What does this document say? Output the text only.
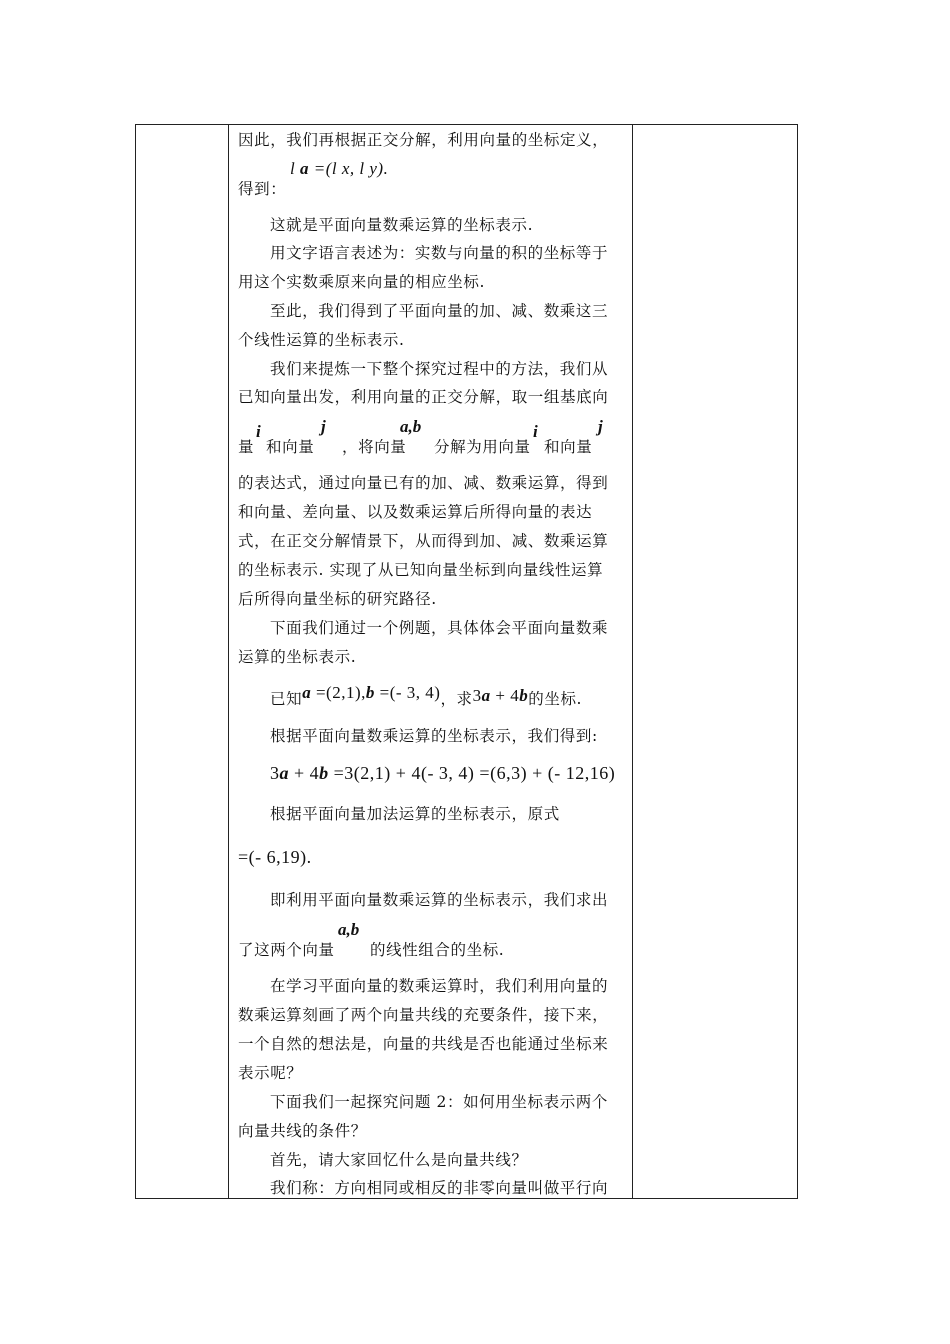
因此，我们再根据正交分解，利用向量的坐标定义，
l a =(l x, l y).
得到：
这就是平面向量数乘运算的坐标表示.
用文字语言表述为：实数与向量的积的坐标等于
用这个实数乘原来向量的相应坐标.
至此，我们得到了平面向量的加、减、数乘这三
个线性运算的坐标表示.
我们来提炼一下整个探究过程中的方法，我们从
已知向量出发，利用向量的正交分解，取一组基底向
量
i
和向量
j
，将向量
a,b
分解为用向量
i
和向量
j
的表达式，通过向量已有的加、减、数乘运算，得到
和向量、差向量、以及数乘运算后所得向量的表达
式，在正交分解情景下，从而得到加、减、数乘运算
的坐标表示. 实现了从已知向量坐标到向量线性运算
后所得向量坐标的研究路径.
下面我们通过一个例题，具体体会平面向量数乘
运算的坐标表示.
已知a =(2,1),b =(- 3, 4)，求3a + 4b的坐标.
根据平面向量数乘运算的坐标表示，我们得到:
3a + 4b =3(2,1) + 4(- 3, 4) =(6,3) + (- 12,16)
根据平面向量加法运算的坐标表示，原式
=(- 6,19).
即利用平面向量数乘运算的坐标表示，我们求出
了这两个向量
a,b
的线性组合的坐标.
在学习平面向量的数乘运算时，我们利用向量的
数乘运算刻画了两个向量共线的充要条件，接下来，
一个自然的想法是，向量的共线是否也能通过坐标来
表示呢？
下面我们一起探究问题 2：如何用坐标表示两个
向量共线的条件？
首先，请大家回忆什么是向量共线？
我们称：方向相同或相反的非零向量叫做平行向
